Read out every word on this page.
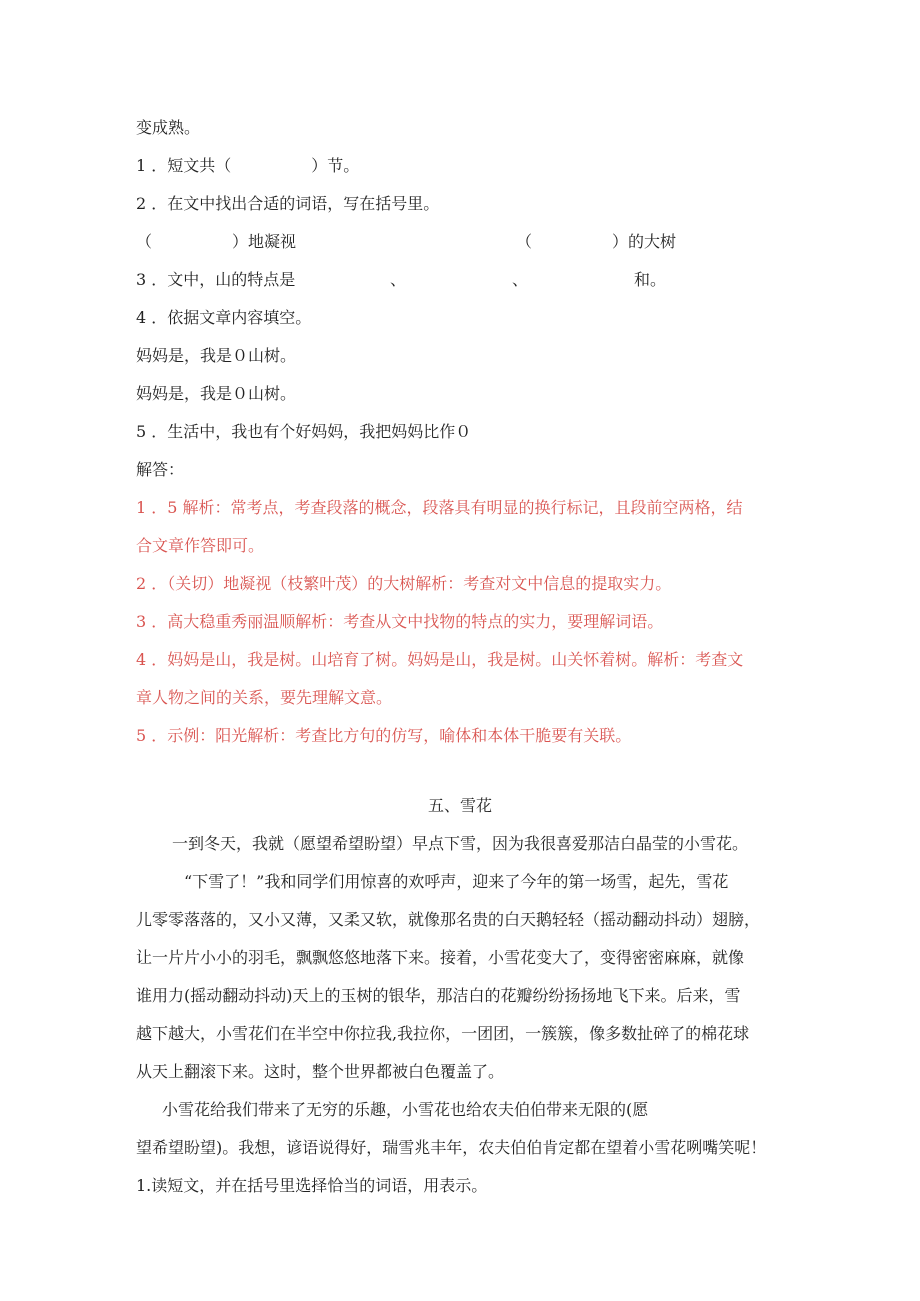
变成熟。
1 ．短文共（　　　　　）节。
2 ．在文中找出合适的词语，写在括号里。
（　　　　　）地凝视	（　　　　　）的大树
3 ．文中，山的特点是	、	、	和。
4 ．依据文章内容填空。
妈妈是，我是０山树。
妈妈是，我是０山树。
5 ．生活中，我也有个好妈妈，我把妈妈比作０
解答：
1 ．5 解析：常考点，考查段落的概念，段落具有明显的换行标记，且段前空两格，结
合文章作答即可。
2 ．（关切）地凝视（枝繁叶茂）的大树解析：考查对文中信息的提取实力。
3 ．高大稳重秀丽温顺解析：考查从文中找物的特点的实力，要理解词语。
4 ．妈妈是山，我是树。山培育了树。妈妈是山，我是树。山关怀着树。解析：考查文
章人物之间的关系，要先理解文意。
5 ．示例：阳光解析：考查比方句的仿写，喻体和本体干脆要有关联。
五、雪花
一到冬天，我就（愿望希望盼望）早点下雪，因为我很喜爱那洁白晶莹的小雪花。
“下雪了！”我和同学们用惊喜的欢呼声，迎来了今年的第一场雪，起先，雪花
儿零零落落的，又小又薄，又柔又软，就像那名贵的白天鹅轻轻（摇动翻动抖动）翅膀，
让一片片小小的羽毛，飘飘悠悠地落下来。接着，小雪花变大了，变得密密麻麻，就像
谁用力(摇动翻动抖动)天上的玉树的银华，那洁白的花瓣纷纷扬扬地飞下来。后来，雪
越下越大，小雪花们在半空中你拉我,我拉你，一团团，一簇簇，像多数扯碎了的棉花球
从天上翻滚下来。这时，整个世界都被白色覆盖了。
小雪花给我们带来了无穷的乐趣，小雪花也给农夫伯伯带来无限的(愿
望希望盼望)。我想，谚语说得好，瑞雪兆丰年，农夫伯伯肯定都在望着小雪花咧嘴笑呢！
1.读短文，并在括号里选择恰当的词语，用表示。
